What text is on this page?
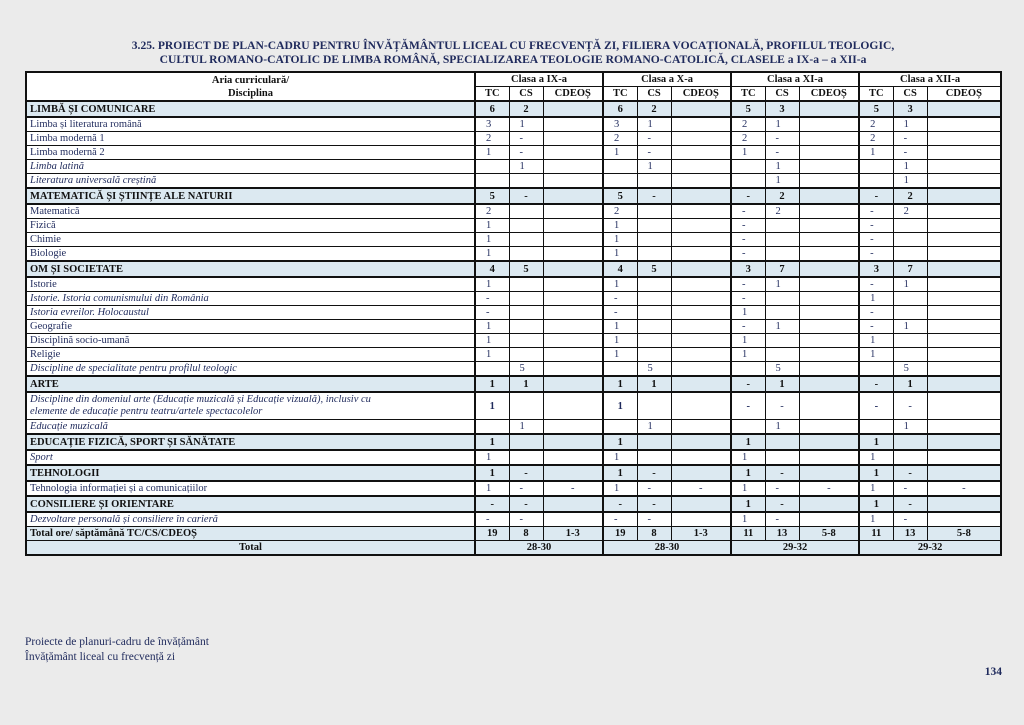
3.25. PROIECT DE PLAN-CADRU PENTRU ÎNVĂȚĂMÂNTUL LICEAL CU FRECVENȚĂ ZI, FILIERA VOCAȚIONALĂ, PROFILUL TEOLOGIC,
CULTUL ROMANO-CATOLIC DE LIMBA ROMÂNĂ, SPECIALIZAREA TEOLOGIE ROMANO-CATOLICĂ, CLASELE a IX-a – a XII-a
Aria curriculară/
Disciplina	Clasa a IX-a			Clasa a X-a			Clasa a XI-a			Clasa a XII-a		
	TC	CS	CDEOȘ	TC	CS	CDEOȘ	TC	CS	CDEOȘ	TC	CS	CDEOȘ
LIMBĂ ȘI COMUNICARE	6	2		6	2		5	3		5	3	
Limba și literatura română	3	1		3	1		2	1		2	1	
Limba modernă 1	2	-		2	-		2	-		2	-	
Limba modernă 2	1	-		1	-		1	-		1	-	
Limba latină		1			1			1			1	
Literatura universală creștină								1			1	
MATEMATICĂ ȘI ȘTIINȚE ALE NATURII	5	-		5	-		-	2		-	2	
Matematică	2			2			-	2		-	2	
Fizică	1			1			-			-		
Chimie	1			1			-			-		
Biologie	1			1			-			-		
OM ȘI SOCIETATE	4	5		4	5		3	7		3	7	
Istorie	1			1			-	1		-	1	
Istorie. Istoria comunismului din România	-			-			-			1		
Istoria evreilor. Holocaustul	-			-			1			-		
Geografie	1			1			-	1		-	1	
Disciplină socio-umană	1			1			1			1		
Religie	1			1			1			1		
Discipline de specialitate pentru profilul teologic		5			5			5			5	
ARTE	1	1		1	1		-	1		-	1	

Discipline din domeniul arte (Educație muzicală și Educație vizuală), inclusiv cu
elemente de educație pentru teatru/artele spectacolelor	1			1			-	-		-	-	
Educație muzicală		1			1			1			1	
EDUCAȚIE FIZICĂ, SPORT ȘI SĂNĂTATE	1			1			1			1		
Sport	1			1			1			1		
TEHNOLOGII	1	-		1	-		1	-		1	-	
Tehnologia informației și a comunicațiilor	1	-	-	1	-	-	1	-	-	1	-	-
CONSILIERE ȘI ORIENTARE	-	-		-	-		1	-		1	-	
Dezvoltare personală și consiliere în carieră	-	-		-	-		1	-		1	-	
Total ore/ săptămână TC/CS/CDEOȘ	19	8	1-3	19	8	1-3	11	13	5-8	11	13	5-8
Total	28-30			28-30			29-32			29-32		
Proiecte de planuri-cadru de învățământ
Învățământ liceal cu frecvență zi
134
